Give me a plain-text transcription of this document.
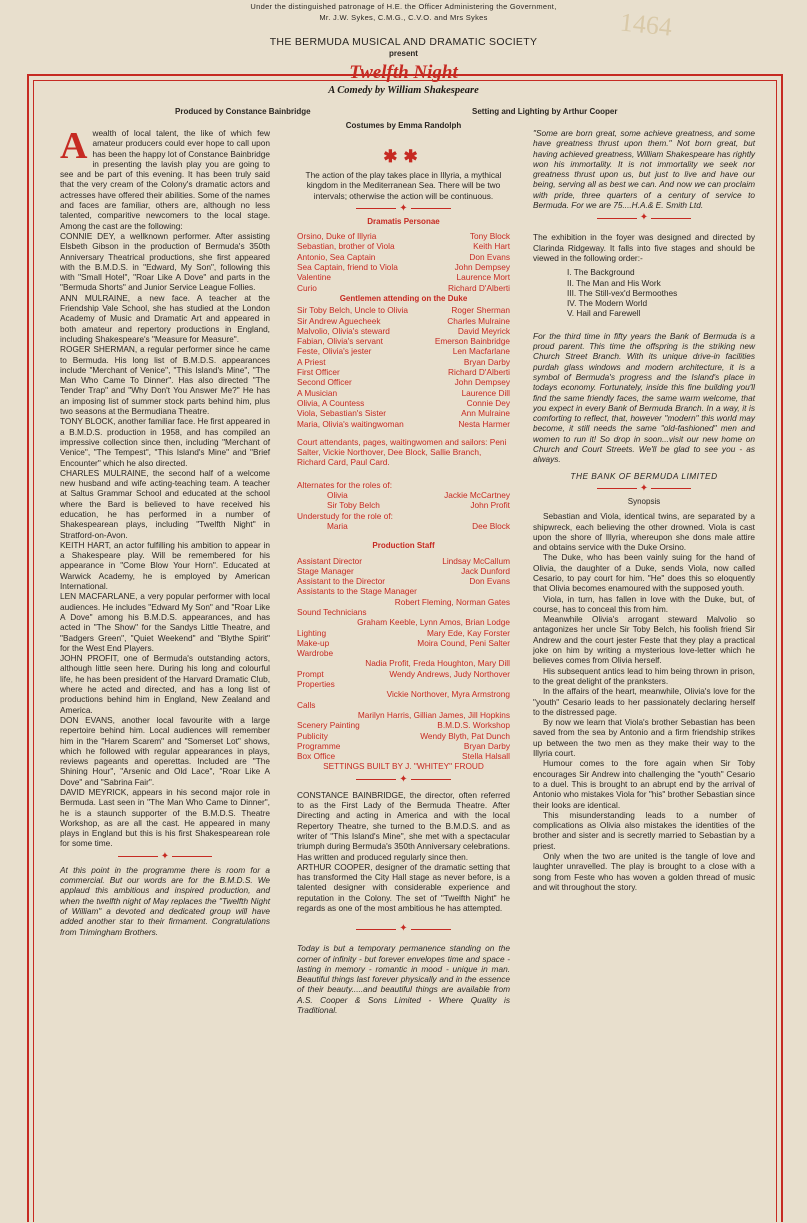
Under the distinguished patronage of H.E. the Officer Administering the Government,
Mr. J.W. Sykes, C.M.G., C.V.O. and Mrs Sykes	1464
THE BERMUDA MUSICAL AND DRAMATIC SOCIETY
present
Twelfth Night
A Comedy by William Shakespeare
Produced by Constance Bainbridge	Setting and Lighting by Arthur Cooper
Costumes by Emma Randolph

Awealth of local talent, the like of which few amateur producers could ever hope to call upon has been the happy lot of Constance Bainbridge in presenting the lavish play you are going to see and be part of this evening. It has been truly said that the very cream of the Colony's dramatic actors and actresses have offered their abilities. Some of the names and faces are familiar, others are, although no less talented, comparitive newcomers to the local stage. Among the cast are the following:

CONNIE DEY, a wellknown performer. After assisting Elsbeth Gibson in the production of Bermuda's 350th Anniversary Theatrical productions, she first appeared with the B.M.D.S. in "Edward, My Son", following this with "Small Hotel", "Roar Like A Dove" and parts in the "Bermuda Shorts" and Junior Service League Follies.

ANN MULRAINE, a new face. A teacher at the Friendship Vale School, she has studied at the London Academy of Music and Dramatic Art and appeared in both amateur and repertory productions in England, including Shakespeare's "Measure for Measure".

ROGER SHERMAN, a regular performer since he came to Bermuda. His long list of B.M.D.S. appearances include "Merchant of Venice", "This Island's Mine", "The Man Who Came To Dinner". Has also directed "The Tender Trap" and "Why Don't You Answer Me?" He has an imposing list of summer stock parts behind him, plus two seasons at the Bermudiana Theatre.

TONY BLOCK, another familiar face. He first appeared in a B.M.D.S. production in 1958, and has compiled an impressive collection since then, including "Merchant of Venice", "The Tempest", "This Island's Mine" and "Brief Encounter" which he also directed.

CHARLES MULRAINE, the second half of a welcome new husband and wife acting-teaching team. A teacher at Saltus Grammar School and educated at the school where the Bard is believed to have received his education, he has performed in a number of Shakespearean plays, including "Twelfth Night" in Stratford-on-Avon.

KEITH HART, an actor fulfilling his ambition to appear in a Shakespeare play. Will be remembered for his appearance in "Come Blow Your Horn". Educated at Warwick Academy, he is employed by American International.

LEN MACFARLANE, a very popular performer with local audiences. He includes "Edward My Son" and "Roar Like A Dove" among his B.M.D.S. appearances, and has acted in "The Show" for the Sandys Little Theatre, and "Badgers Green", "Quiet Weekend" and "Blythe Spirit" for the West End Players.

JOHN PROFIT, one of Bermuda's outstanding actors, although little seen here. During his long and colourful life, he has been president of the Harvard Dramatic Club, where he acted and directed, and has a long list of productions behind him in England, New Zealand and America.

DON EVANS, another local favourite with a large repertoire behind him. Local audiences will remember him in the "Harem Scarem" and "Somerset Lot" shows, which he followed with regular appearances in plays, reviews pageants and operettas. Included are "The Shining Hour", "Arsenic and Old Lace", "Roar Like A Dove" and "Sabrina Fair".

DAVID MEYRICK, appears in his second major role in Bermuda. Last seen in "The Man Who Came to Dinner", he is a staunch supporter of the B.M.D.S. Theatre Workshop, as are all the cast. He appeared in many plays in England but this is his first Shakespearean role for some time.

✦

At this point in the programme there is room for a commercial. But our words are for the B.M.D.S. We applaud this ambitious and inspired production, and when the twelfth night of May replaces the "Twelfth Night of William" a devoted and dedicated group will have added another star to their firmament. Congratulations from Trimingham Brothers.

✱✱

The action of the play takes place in Illyria, a mythical kingdom in the Mediterranean Sea. There will be two intervals; otherwise the action will be continuous.

✦
Dramatis Personae
Orsino, Duke of Illyria	Tony Block
Sebastian, brother of Viola	Keith Hart
Antonio, Sea Captain	Don Evans
Sea Captain, friend to Viola	John Dempsey
Valentine	Laurence Mort
Curio	Richard D'Alberti
Gentlemen attending on the Duke
Sir Toby Belch, Uncle to Olivia	Roger Sherman
Sir Andrew Aguecheek	Charles Mulraine
Malvolio, Olivia's steward	David Meyrick
Fabian, Olivia's servant	Emerson Bainbridge
Feste, Olivia's jester	Len Macfarlane
A Priest	Bryan Darby
First Officer	Richard D'Alberti
Second Officer	John Dempsey
A Musician	Laurence Dill
Olivia, A Countess	Connie Dey
Viola, Sebastian's Sister	Ann Mulraine
Maria, Olivia's waitingwoman	Nesta Harmer

Court attendants, pages, waitingwomen and sailors: Peni Salter, Vickie Northover, Dee Block, Sallie Branch, Richard Card, Paul Card.

Alternates for the roles of:

Olivia	Jackie McCartney
Sir Toby Belch	John Profit

Understudy for the role of:

Maria	Dee Block
Production Staff
Assistant Director	Lindsay McCallum
Stage Manager	Jack Dunford
Assistant to the Director	Don Evans
Assistants to the Stage Manager
Robert Fleming, Norman Gates
Sound Technicians
Graham Keeble, Lynn Amos, Brian Lodge
Lighting	Mary Ede, Kay Forster
Make-up	Moira Cound, Peni Salter
Wardrobe
Nadia Profit, Freda Houghton, Mary Dill
Prompt	Wendy Andrews, Judy Northover
Properties
Vickie Northover, Myra Armstrong
Calls
Marilyn Harris, Gillian James, Jill Hopkins
Scenery Painting	B.M.D.S. Workshop
Publicity	Wendy Blyth, Pat Dunch
Programme	Bryan Darby
Box Office	Stella Halsall
SETTINGS BUILT BY J. "WHITEY" FROUD
✦

CONSTANCE BAINBRIDGE, the director, often referred to as the First Lady of the Bermuda Theatre. After Directing and acting in America and with the local Repertory Theatre, she turned to the B.M.D.S. and as writer of "This Island's Mine", she met with a spectacular triumph during Bermuda's 350th Anniversary celebrations. Has written and produced regularly since then.

ARTHUR COOPER, designer of the dramatic setting that has transformed the City Hall stage as never before, is a talented designer with considerable experience and reputation in the Colony. The set of "Twelfth Night" he regards as one of the most ambitious he has attempted.

✦

Today is but a temporary permanence standing on the corner of infinity - but forever envelopes time and space - lasting in memory - romantic in mood - unique in man. Beautiful things last forever physically and in the essence of their beauty.....and beautiful things are available from A.S. Cooper & Sons Limited - Where Quality is Traditional.

"Some are born great, some achieve greatness, and some have greatness thrust upon them." Not born great, but having achieved greatness, William Shakespeare has rightly won his immortality. It is not immortality we seek nor greatness thrust upon us, but just to live and have our being, serving all as best we can. And now we can proclaim with pride, three quarters of a century of service to Bermuda. For we are 75....H.A.& E. Smith Ltd.

✦

The exhibition in the foyer was designed and directed by Clarinda Ridgeway. It falls into five stages and should be viewed in the following order:-

I. The Background
II. The Man and His Work
III. The Still-vex'd Bermoothes
IV. The Modern World
V. Hail and Farewell

For the third time in fifty years the Bank of Bermuda is a proud parent. This time the offspring is the striking new Church Street Branch. With its unique drive-in facilities purdah glass windows and modern architecture, it is a symbol of Bermuda's progress and the Island's place in todays economy. Fortunately, inside this fine building you'll find the same friendly faces, the same warm welcome, that you expect in every Bank of Bermuda Branch. In a way, it is comforting to reflect, that, however "modern" this world may become, it still needs the same "old-fashioned" men and women to run it! So drop in soon...visit our new home on Church and Court Streets. We'll be glad to see you - as always.

THE BANK OF BERMUDA LIMITED
✦
Synopsis

Sebastian and Viola, identical twins, are separated by a shipwreck, each believing the other drowned. Viola is cast upon the shore of Illyria, whereupon she dons male attire and obtains service with the Duke Orsino.

The Duke, who has been vainly suing for the hand of Olivia, the daughter of a Duke, sends Viola, now called Cesario, to pay court for him. "He" does this so eloquently that Olivia becomes enamoured with the supposed youth.

Viola, in turn, has fallen in love with the Duke, but, of course, has to conceal this from him.

Meanwhile Olivia's arrogant steward Malvolio so antagonizes her uncle Sir Toby Belch, his foolish friend Sir Andrew and the court jester Feste that they play a practical joke on him by writing a mysterious love-letter which he believes comes from Olivia herself.

His subsequent antics lead to him being thrown in prison, to the great delight of the pranksters.

In the affairs of the heart, meanwhile, Olivia's love for the "youth" Cesario leads to her passionately declaring herself to the distressed page.

By now we learn that Viola's brother Sebastian has been saved from the sea by Antonio and a firm friendship strikes up between the two men as they make their way to the Illyria court.

Humour comes to the fore again when Sir Toby encourages Sir Andrew into challenging the "youth" Cesario to a duel. This is brought to an abrupt end by the arrival of Antonio who mistakes Viola for "his" brother Sebastian since their looks are identical.

This misunderstanding leads to a number of complications as Olivia also mistakes the identities of the brother and sister and is secretly married to Sebastian by a priest.

Only when the two are united is the tangle of love and laughter unravelled. The play is brought to a close with a song from Feste who has woven a golden thread of music and wit throughout the story.
